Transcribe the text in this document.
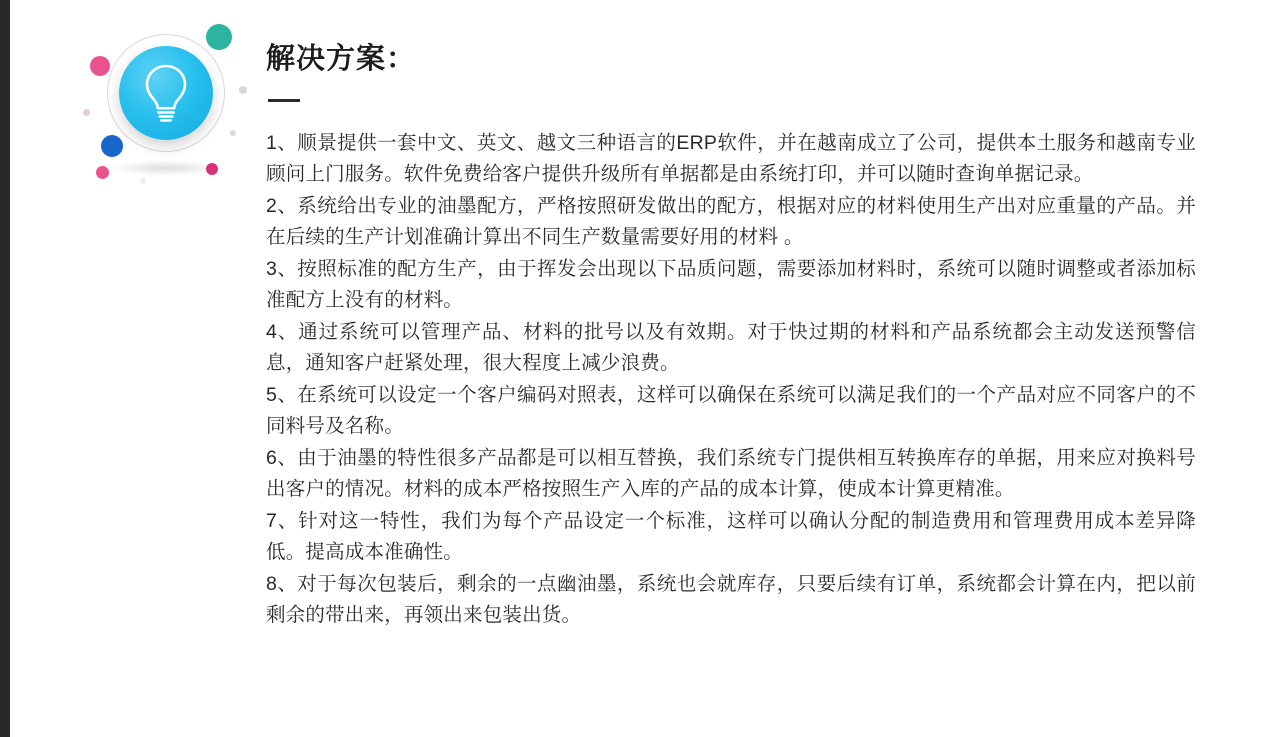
解决方案：
1、顺景提供一套中文、英文、越文三种语言的ERP软件，并在越南成立了公司，提供本土服务和越南专业顾问上门服务。软件免费给客户提供升级所有单据都是由系统打印，并可以随时查询单据记录。
2、系统给出专业的油墨配方，严格按照研发做出的配方，根据对应的材料使用生产出对应重量的产品。并在后续的生产计划准确计算出不同生产数量需要好用的材料 。
3、按照标准的配方生产，由于挥发会出现以下品质问题，需要添加材料时，系统可以随时调整或者添加标准配方上没有的材料。
4、通过系统可以管理产品、材料的批号以及有效期。对于快过期的材料和产品系统都会主动发送预警信息，通知客户赶紧处理，很大程度上减少浪费。
5、在系统可以设定一个客户编码对照表，这样可以确保在系统可以满足我们的一个产品对应不同客户的不同料号及名称。
6、由于油墨的特性很多产品都是可以相互替换，我们系统专门提供相互转换库存的单据，用来应对换料号出客户的情况。材料的成本严格按照生产入库的产品的成本计算，使成本计算更精准。
7、针对这一特性，我们为每个产品设定一个标准，这样可以确认分配的制造费用和管理费用成本差异降低。提高成本准确性。
8、对于每次包装后，剩余的一点幽油墨，系统也会就库存，只要后续有订单，系统都会计算在内，把以前剩余的带出来，再领出来包装出货。
